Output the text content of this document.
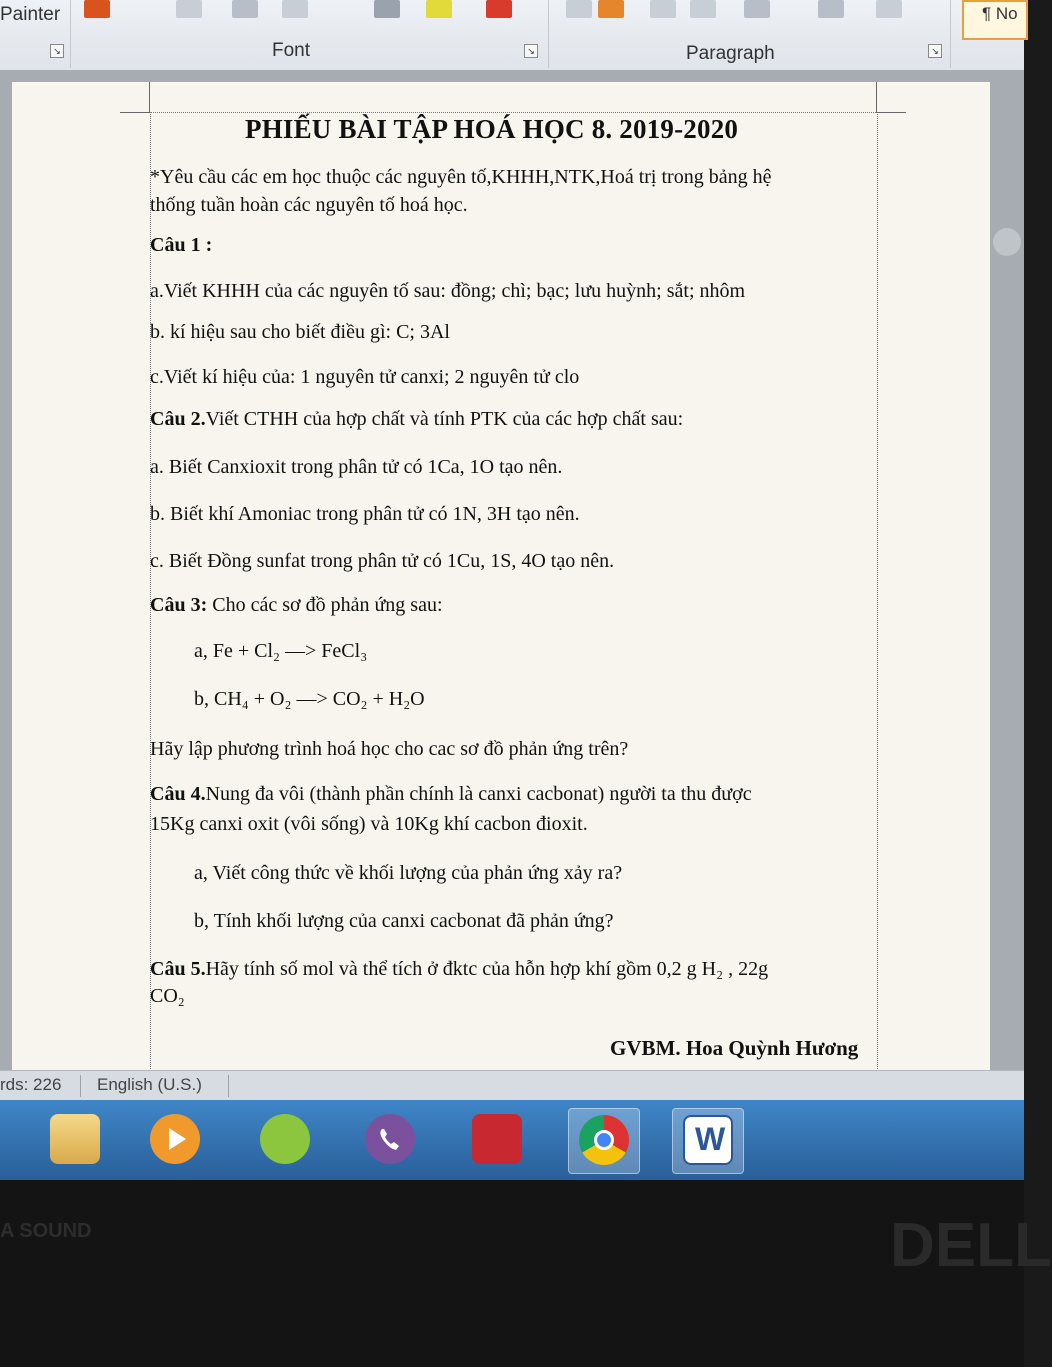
Painter
↘	Font	↘	Paragraph	↘
¶ No
PHIẾU BÀI TẬP HOÁ HỌC 8. 2019-2020
*Yêu cầu các em học thuộc các nguyên tố,KHHH,NTK,Hoá trị trong bảng hệ
thống tuần hoàn các nguyên tố hoá học.
Câu 1 :
a.Viết KHHH của các nguyên tố sau: đồng; chì; bạc; lưu huỳnh; sắt; nhôm
b. kí hiệu sau cho biết điều gì: C; 3Al
c.Viết kí hiệu của: 1 nguyên tử canxi; 2 nguyên tử clo
Câu 2.Viết CTHH của hợp chất và tính PTK của các hợp chất sau:
a. Biết Canxioxit trong phân tử có 1Ca, 1O tạo nên.
b. Biết khí Amoniac trong phân tử có 1N, 3H tạo nên.
c. Biết Đồng sunfat trong phân tử có 1Cu, 1S, 4O tạo nên.
Câu 3: Cho các sơ đồ phản ứng sau:
a, Fe + Cl₂ —> FeCl₃
b, CH₄ + O₂ —> CO₂ + H₂O
Hãy lập phương trình hoá học cho cac sơ đồ phản ứng trên?
Câu 4.Nung đa vôi (thành phần chính là canxi cacbonat) người ta thu được
15Kg canxi oxit (vôi sống) và 10Kg khí cacbon đioxit.
a, Viết công thức về khối lượng của phản ứng xảy ra?
b, Tính khối lượng của canxi cacbonat đã phản ứng?
Câu 5.Hãy tính số mol và thể tích ở đktc của hỗn hợp khí gồm 0,2 g H₂ , 22g
CO₂
GVBM. Hoa Quỳnh Hương
rds: 226 English (U.S.)
W
A SOUND	DELL
